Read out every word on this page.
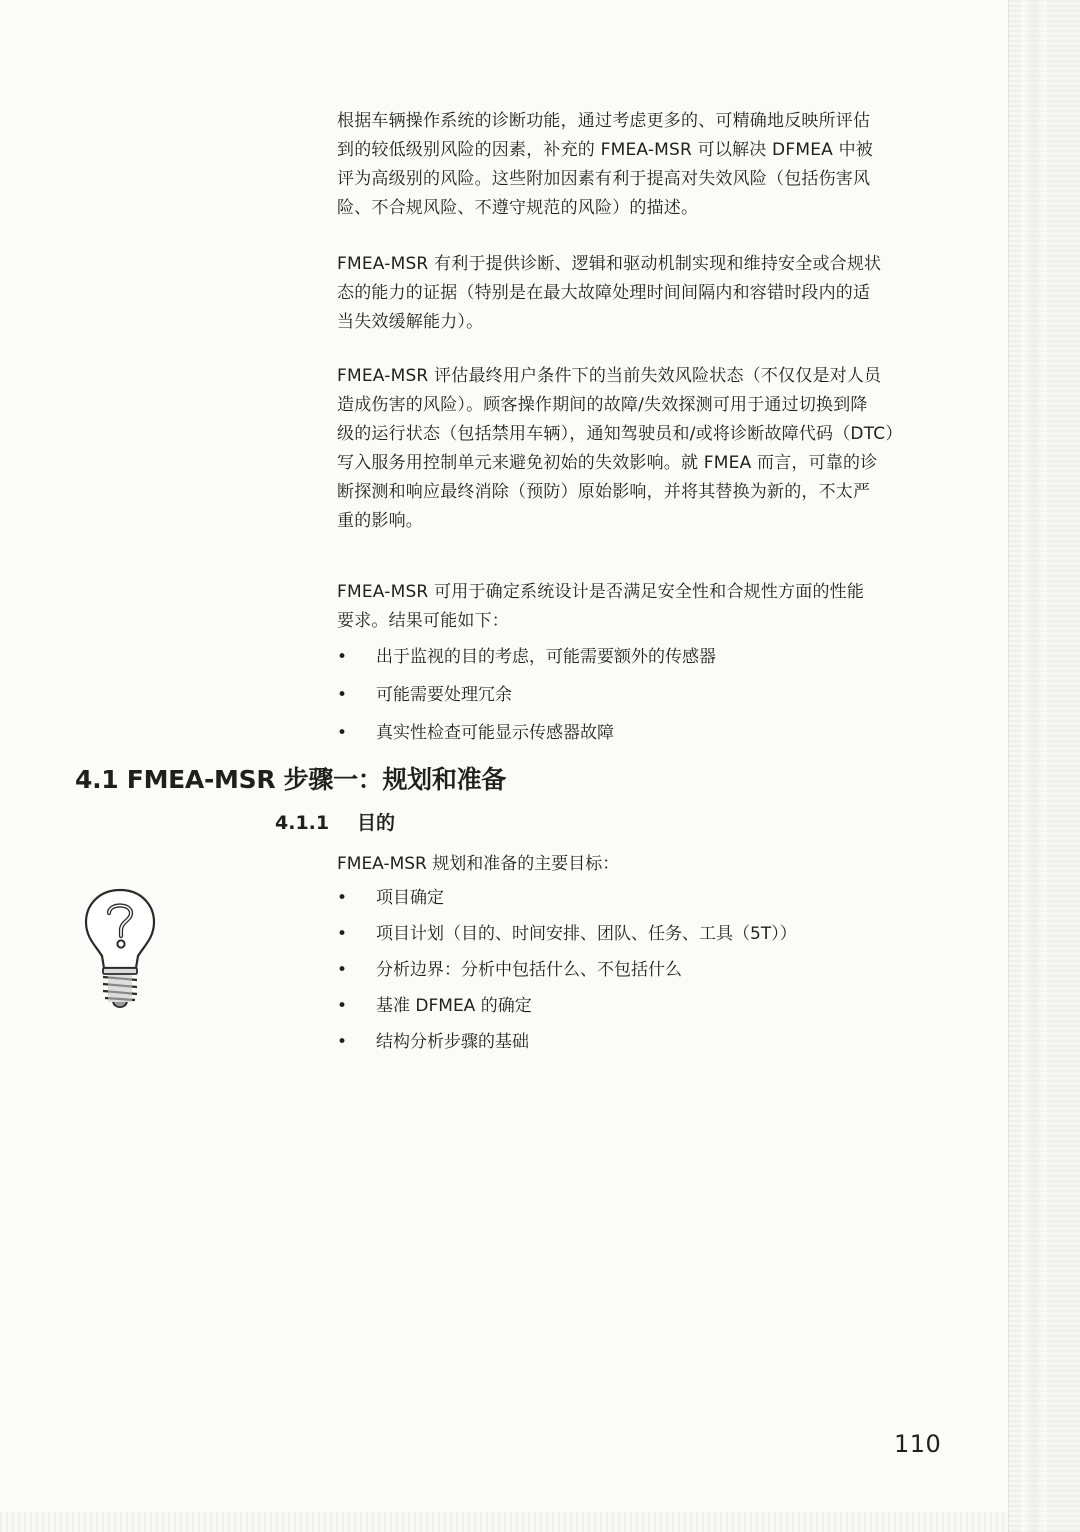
根据车辆操作系统的诊断功能，通过考虑更多的、可精确地反映所评估
到的较低级别风险的因素，补充的 FMEA-MSR 可以解决 DFMEA 中被
评为高级别的风险。这些附加因素有利于提高对失效风险（包括伤害风
险、不合规风险、不遵守规范的风险）的描述。

FMEA-MSR 有利于提供诊断、逻辑和驱动机制实现和维持安全或合规状
态的能力的证据（特别是在最大故障处理时间间隔内和容错时段内的适
当失效缓解能力）。

FMEA-MSR 评估最终用户条件下的当前失效风险状态（不仅仅是对人员
造成伤害的风险）。顾客操作期间的故障/失效探测可用于通过切换到降
级的运行状态（包括禁用车辆），通知驾驶员和/或将诊断故障代码（DTC）
写入服务用控制单元来避免初始的失效影响。就 FMEA 而言，可靠的诊
断探测和响应最终消除（预防）原始影响，并将其替换为新的，不太严
重的影响。

FMEA-MSR 可用于确定系统设计是否满足安全性和合规性方面的性能
要求。结果可能如下：

• 出于监视的目的考虑，可能需要额外的传感器
• 可能需要处理冗余
• 真实性检查可能显示传感器故障
4.1 FMEA-MSR 步骤一：规划和准备
4.1.1 目的
FMEA-MSR 规划和准备的主要目标：
• 项目确定
• 项目计划（目的、时间安排、团队、任务、工具（5T））
• 分析边界：分析中包括什么、不包括什么
• 基准 DFMEA 的确定
• 结构分析步骤的基础
110
